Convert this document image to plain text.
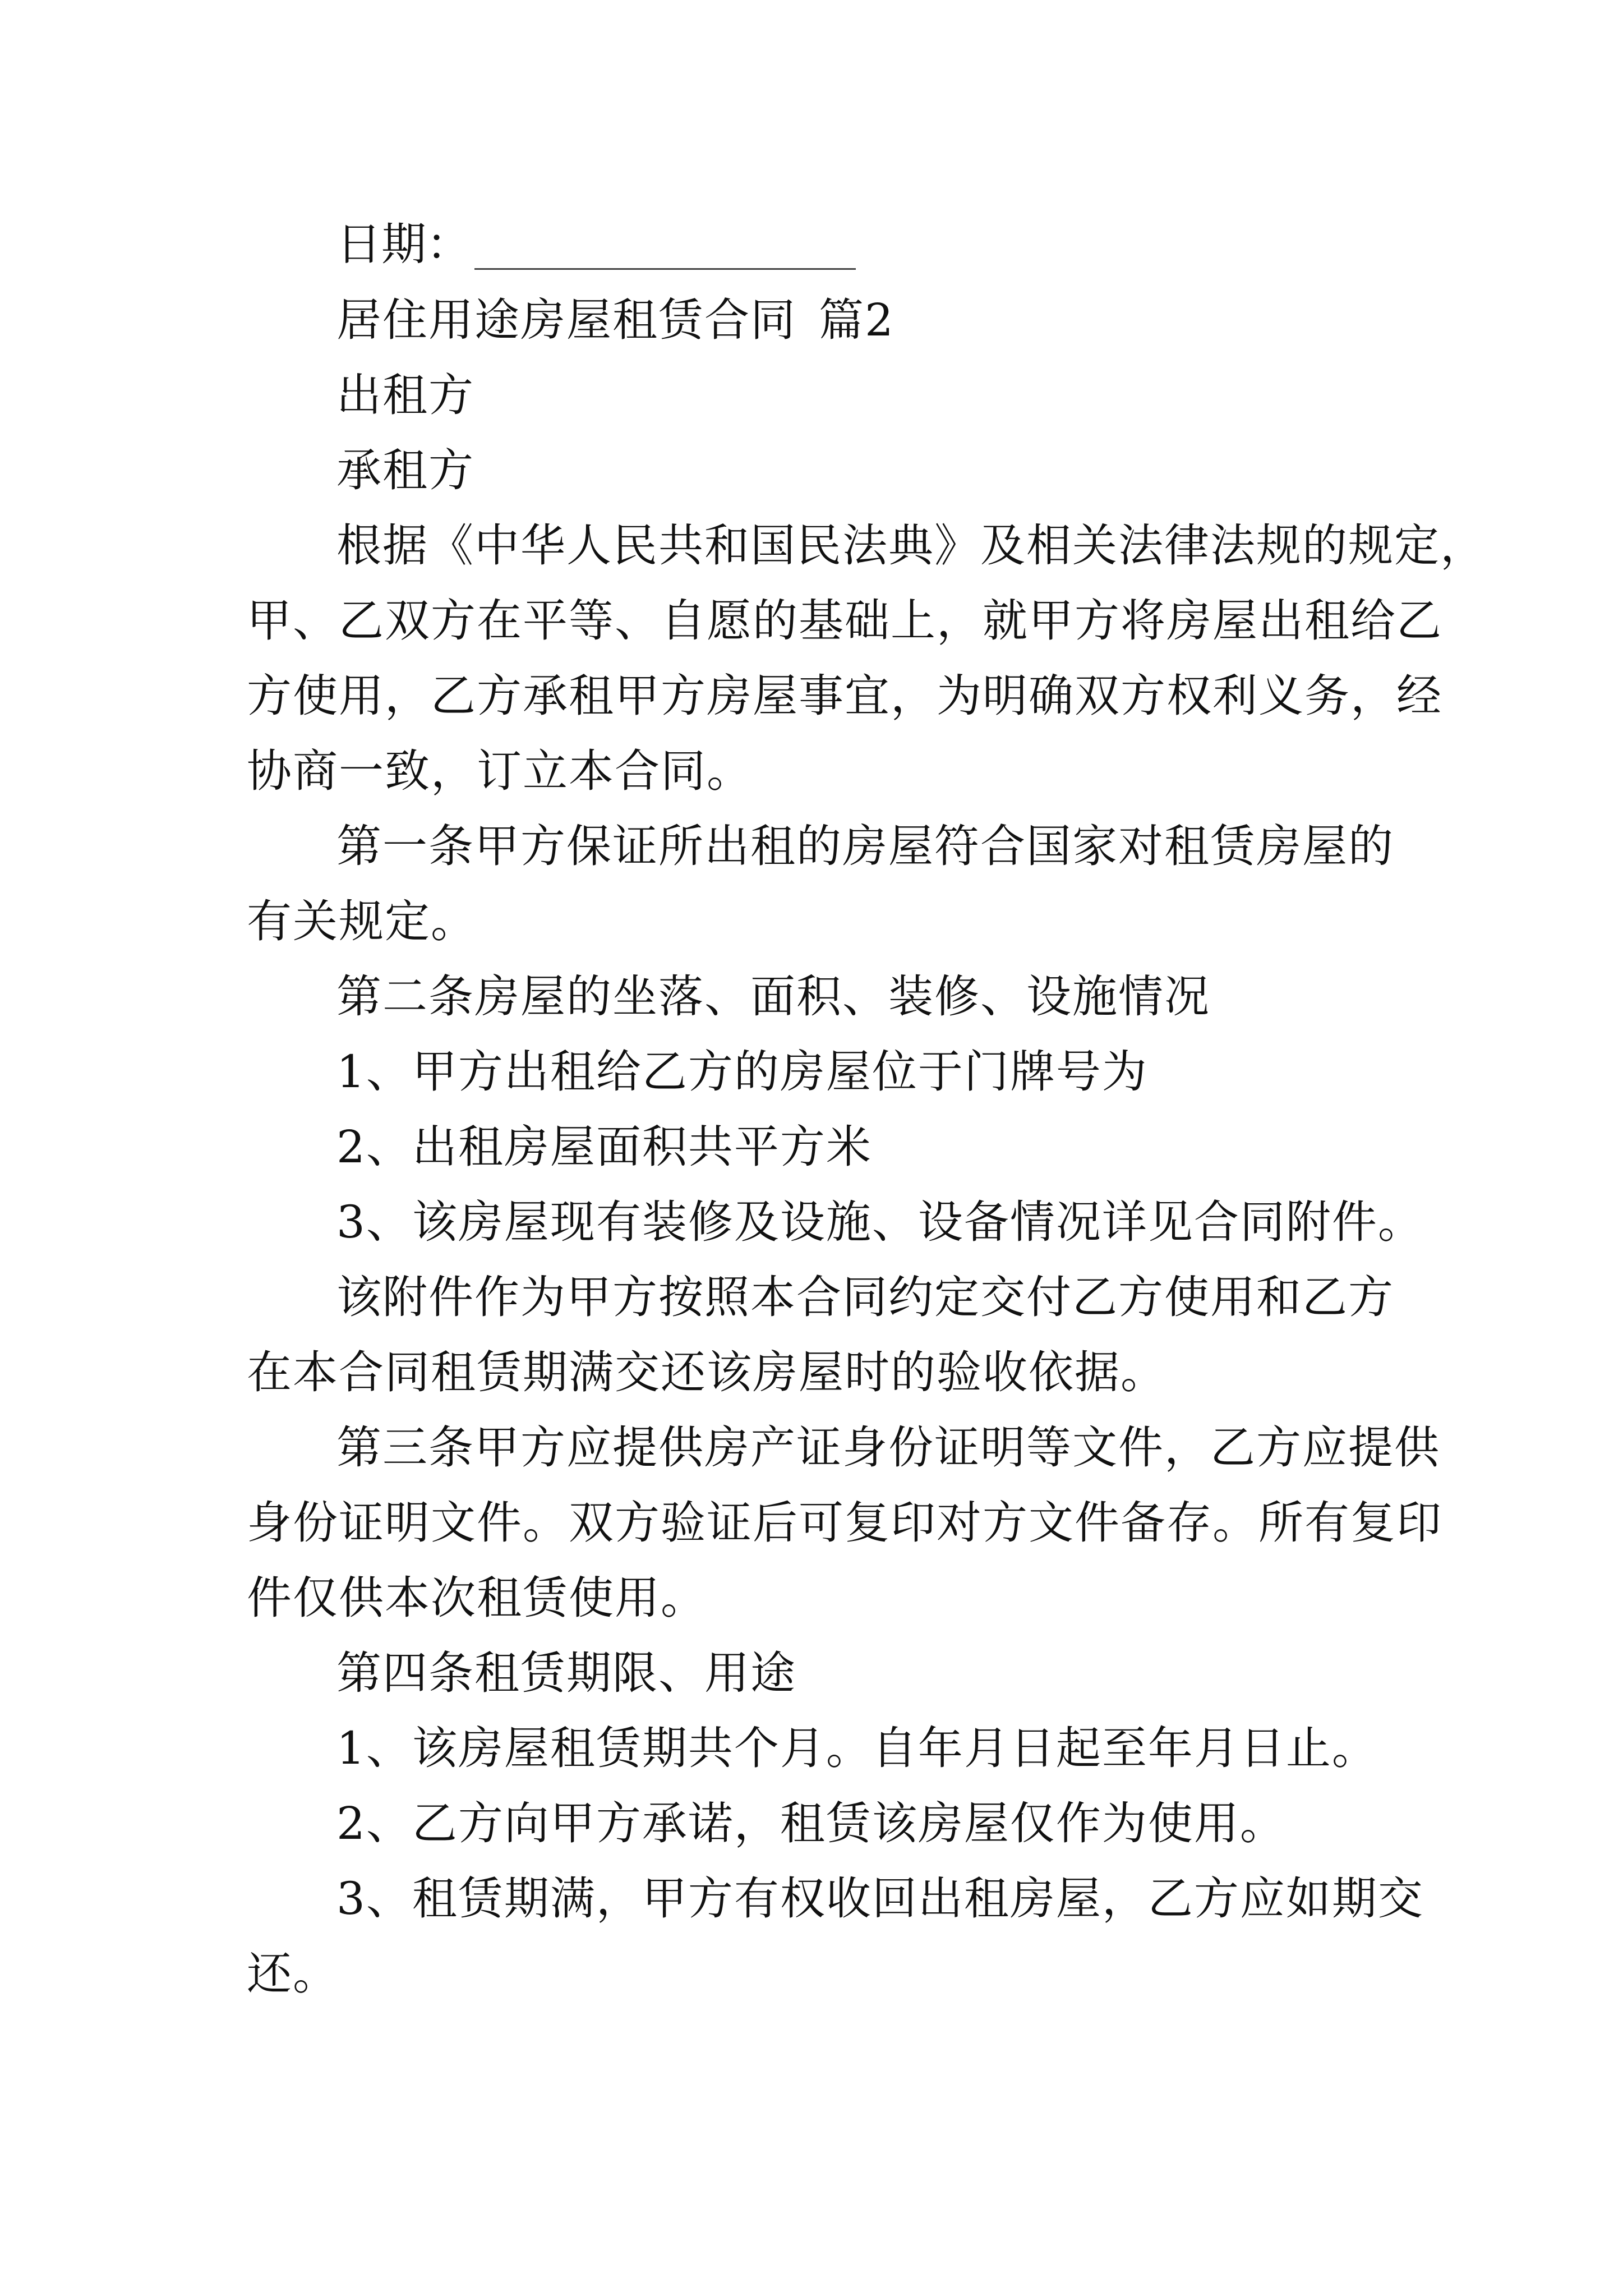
日期：
居住用途房屋租赁合同 篇2
出租方
承租方
根据《中华人民共和国民法典》及相关法律法规的规定，
甲、乙双方在平等、自愿的基础上，就甲方将房屋出租给乙
方使用，乙方承租甲方房屋事宜，为明确双方权利义务，经
协商一致，订立本合同。
第一条甲方保证所出租的房屋符合国家对租赁房屋的
有关规定。
第二条房屋的坐落、面积、装修、设施情况
1、甲方出租给乙方的房屋位于门牌号为
2、出租房屋面积共平方米
3、该房屋现有装修及设施、设备情况详见合同附件。
该附件作为甲方按照本合同约定交付乙方使用和乙方
在本合同租赁期满交还该房屋时的验收依据。
第三条甲方应提供房产证身份证明等文件，乙方应提供
身份证明文件。双方验证后可复印对方文件备存。所有复印
件仅供本次租赁使用。
第四条租赁期限、用途
1、该房屋租赁期共个月。自年月日起至年月日止。
2、乙方向甲方承诺，租赁该房屋仅作为使用。
3、租赁期满，甲方有权收回出租房屋，乙方应如期交
还。
